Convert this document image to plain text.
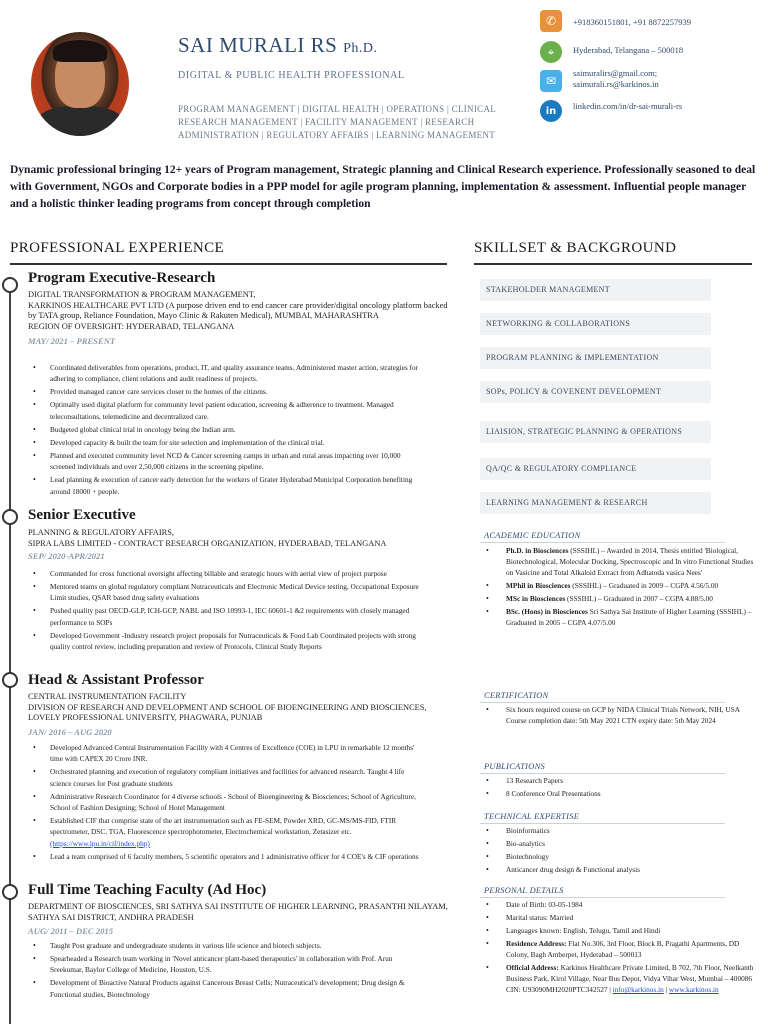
SAI MURALI RS Ph.D.
DIGITAL & PUBLIC HEALTH PROFESSIONAL
PROGRAM MANAGEMENT | DIGITAL HEALTH | OPERATIONS | CLINICAL RESEARCH MANAGEMENT | FACILITY MANAGEMENT | RESEARCH ADMINISTRATION | REGULATORY AFFAIRS | LEARNING MANAGEMENT
✆	+918360151801, +91 8872257939
⌖	Hyderabad, Telangana – 500018
✉
saimuralirs@gmail.com;
saimurali.rs@karkinos.in
in	linkedin.com/in/dr-sai-murali-rs
Dynamic professional bringing 12+ years of Program management, Strategic planning and Clinical Research experience. Professionally seasoned to deal with Government, NGOs and Corporate bodies in a PPP model for agile program planning, implementation & assessment. Influential people manager and a holistic thinker leading programs from concept through completion
PROFESSIONAL EXPERIENCE	SKILLSET & BACKGROUND
Program Executive-Research
DIGITAL TRANSFORMATION & PROGRAM MANAGEMENT,
KARKINOS HEALTHCARE PVT LTD (A purpose driven end to end cancer care provider/digital oncology platform backed by TATA group, Reliance Foundation, Mayo Clinic & Rakuten Medical), MUMBAI, MAHARASHTRA
REGION OF OVERSIGHT: HYDERABAD, TELANGANA
MAY/ 2021 – PRESENT
• Coordinated deliverables from operations, product, IT, and quality assurance teams. Administered master action, strategies for adhering to compliance, client relations and audit readiness of projects.
• Provided managed cancer care services closer to the homes of the citizens.
• Optimally used digital platform for community level patient education, screening & adherence to treatment. Managed teleconsultations, telemedicine and decentralized care.
• Budgeted global clinical trial in oncology being the Indian arm.
• Developed capacity & built the team for site selection and implementation of the clinical trial.
• Planned and executed community level NCD & Cancer screening camps in urban and rural areas impacting over 10,000 screened individuals and over 2,50,000 citizens in the screening pipeline.
• Lead planning & execution of cancer early detection for the workers of Grater Hyderabad Municipal Corporation benefiting around 18000 + people.
Senior Executive
PLANNING & REGULATORY AFFAIRS,
SIPRA LABS LIMITED - CONTRACT RESEARCH ORGANIZATION, HYDERABAD, TELANGANA
SEP/ 2020-APR/2021
• Commanded for cross functional oversight affecting billable and strategic hours with aerial view of project purpose
• Mentored teams on global regulatory compliant Nutraceuticals and Electronic Medical Device testing, Occupational Exposure Limit studies, QSAR based drug safety evaluations
• Pushed quality past OECD-GLP, ICH-GCP, NABL and ISO 10993-1, IEC 60601-1 &2 requirements with closely managed performance to SOPs
• Developed Government -Industry research project proposals for Nutraceuticals & Food Lab Coordinated projects with strong quality control review, including preparation and review of Protocols, Clinical Study Reports
Head & Assistant Professor
CENTRAL INSTRUMENTATION FACILITY
DIVISION OF RESEARCH AND DEVELOPMENT AND SCHOOL OF BIOENGINEERING AND BIOSCIENCES, LOVELY PROFESSIONAL UNIVERSITY, PHAGWARA, PUNJAB
JAN/ 2016 – AUG 2020
• Developed Advanced Central Instrumentation Facility with 4 Centres of Excellence (COE) in LPU in remarkable 12 months' time with CAPEX 20 Crore INR.
• Orchestrated planning and execution of regulatory compliant initiatives and facilities for advanced research. Taught 4 life science courses for Post graduate students
• Administrative Research Coordinator for 4 diverse schools - School of Bioengineering & Biosciences; School of Agriculture, School of Fashion Designing; School of Hotel Management
• Established CIF that comprise state of the art instrumentation such as FE-SEM, Powder XRD, GC-MS/MS-FID, FTIR spectrometer, DSC, TGA, Fluorescence spectrophotometer, Electrochemical workstation, Zetasizer etc. (https://www.lpu.in/cif/index.php)
• Lead a team comprised of 6 faculty members, 5 scientific operators and 1 administrative officer for 4 COE's & CIF operations
Full Time Teaching Faculty (Ad Hoc)
DEPARTMENT OF BIOSCIENCES, SRI SATHYA SAI INSTITUTE OF HIGHER LEARNING, PRASANTHI NILAYAM, SATHYA SAI DISTRICT, ANDHRA PRADESH
AUG/ 2011 – DEC 2015
• Taught Post graduate and undergraduate students in various life science and biotech subjects.
• Spearheaded a Research team working in 'Novel anticancer plant-based therapeutics' in collaboration with Prof. Arun Sreekumar, Baylor College of Medicine, Houston, U.S.
• Development of Bioactive Natural Products against Cancerous Breast Cells; Nutraceutical's development; Drug design & Functional studies, Biotechnology
STAKEHOLDER MANAGEMENT
NETWORKING & COLLABORATIONS
PROGRAM PLANNING & IMPLEMENTATION
SOPs, POLICY & COVENENT DEVELOPMENT
LIAISION, STRATEGIC PLANNING & OPERATIONS
QA/QC & REGULATORY COMPLIANCE
LEARNING MANAGEMENT & RESEARCH
ACADEMIC EDUCATION
• Ph.D. in Biosciences (SSSIHL) – Awarded in 2014, Thesis entitled 'Biological, Biotechnological, Molecular Docking, Spectroscopic and In vitro Functional Studies on Vasicine and Total Alkaloid Extract from Adhatoda vasica Nees'
• MPhil in Biosciences (SSSIHL) – Graduated in 2009 – CGPA 4.56/5.00
• MSc in Biosciences (SSSIHL) – Graduated in 2007 – CGPA 4.88/5.00
• BSc. (Hons) in Biosciences Sri Sathya Sai Institute of Higher Learning (SSSIHL) – Graduated in 2005 – CGPA 4.07/5.00
CERTIFICATION
• Six hours required course on GCP by NIDA Clinical Trials Network, NIH, USA Course completion date: 5th May 2021 CTN expiry date: 5th May 2024
PUBLICATIONS
• 13 Research Papers
• 8 Conference Oral Presentations
TECHNICAL EXPERTISE
• Bioinformatics
• Bio-analytics
• Biotechnology
• Anticancer drug design & Functional analysis
PERSONAL DETAILS
• Date of Birth: 03-05-1984
• Marital status: Married
• Languages known: English, Telugu, Tamil and Hindi
• Residence Address: Flat No.306, 3rd Floor, Block B, Pragathi Apartments, DD Colony, Bagh Amberpet, Hyderabad – 500013
• Official Address: Karkinos Healthcare Private Limited, B 702, 7th Floor, Neelkanth Business Park, Kirol Village, Near Bus Depot, Vidya Vihar West, Mumbai – 400086 CIN: U93090MH2020PTC342527 | info@karkinos.in | www.karkinos.in
